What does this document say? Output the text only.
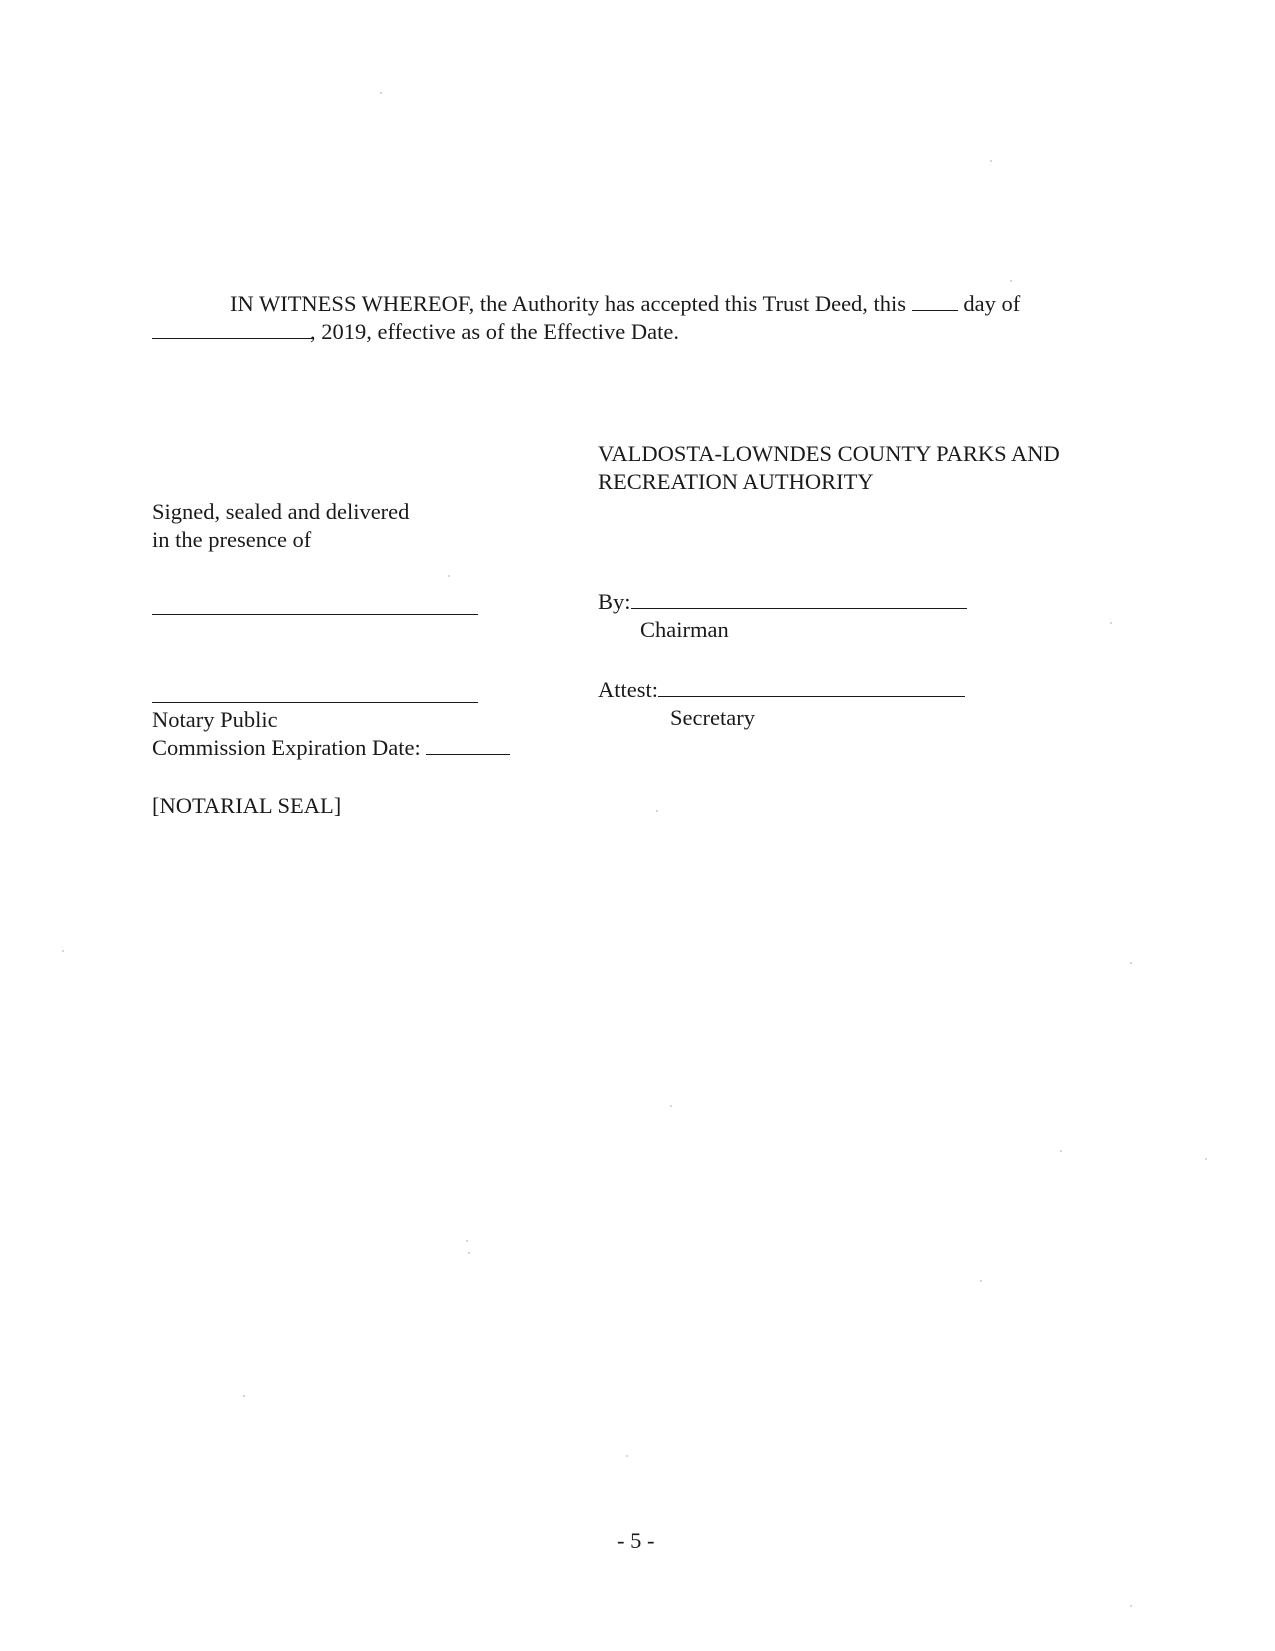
IN WITNESS WHEREOF, the Authority has accepted this Trust Deed, this	day of
, 2019, effective as of the Effective Date.
VALDOSTA-LOWNDES COUNTY PARKS AND
RECREATION AUTHORITY
Signed, sealed and delivered
in the presence of
By:
Chairman
Attest:
Secretary
Notary Public
Commission Expiration Date:
[NOTARIAL SEAL]
- 5 -
